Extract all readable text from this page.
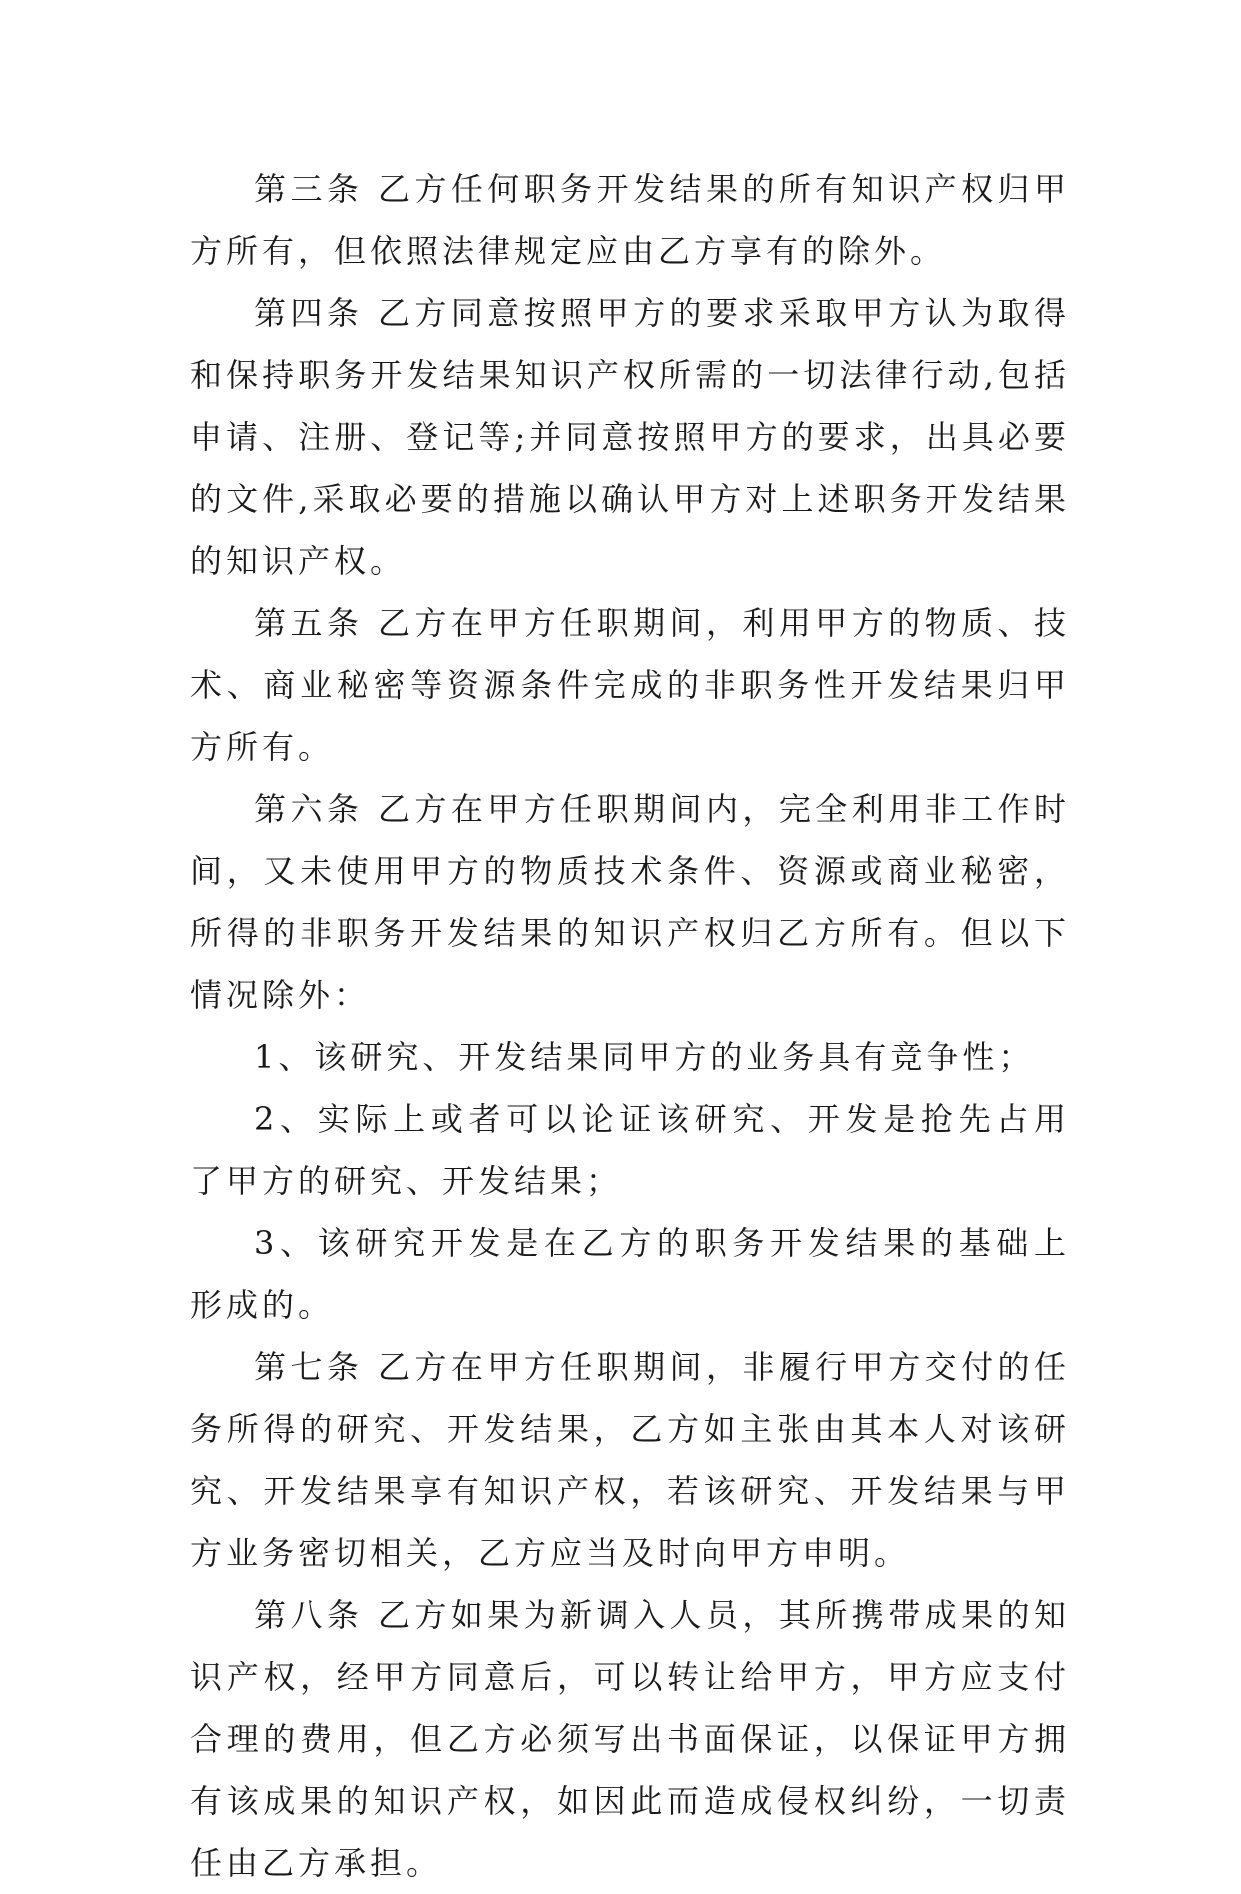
第三条 乙方任何职务开发结果的所有知识产权归甲方所有，但依照法律规定应由乙方享有的除外。

第四条 乙方同意按照甲方的要求采取甲方认为取得和保持职务开发结果知识产权所需的一切法律行动,包括申请、注册、登记等;并同意按照甲方的要求，出具必要的文件,采取必要的措施以确认甲方对上述职务开发结果的知识产权。

第五条 乙方在甲方任职期间，利用甲方的物质、技术、商业秘密等资源条件完成的非职务性开发结果归甲方所有。

第六条 乙方在甲方任职期间内，完全利用非工作时间，又未使用甲方的物质技术条件、资源或商业秘密，所得的非职务开发结果的知识产权归乙方所有。但以下情况除外：

1、该研究、开发结果同甲方的业务具有竞争性；

2、实际上或者可以论证该研究、开发是抢先占用了甲方的研究、开发结果；

3、该研究开发是在乙方的职务开发结果的基础上形成的。

第七条 乙方在甲方任职期间，非履行甲方交付的任务所得的研究、开发结果，乙方如主张由其本人对该研究、开发结果享有知识产权，若该研究、开发结果与甲方业务密切相关，乙方应当及时向甲方申明。

第八条 乙方如果为新调入人员，其所携带成果的知识产权，经甲方同意后，可以转让给甲方，甲方应支付合理的费用，但乙方必须写出书面保证，以保证甲方拥有该成果的知识产权，如因此而造成侵权纠纷，一切责任由乙方承担。
